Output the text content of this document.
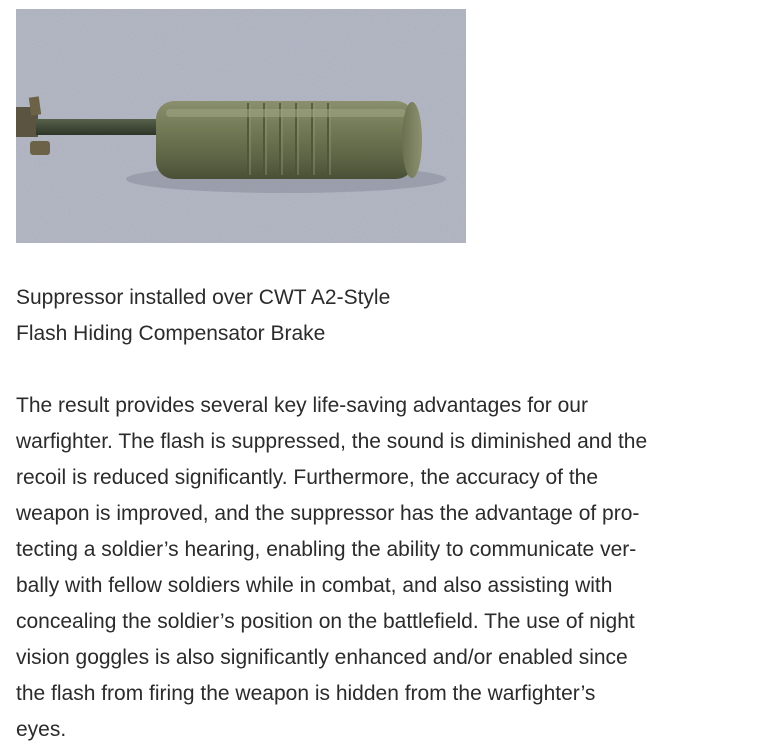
Suppressor installed over CWT A2-Style
Flash Hiding Compensator Brake

The result provides several key life-saving advantages for our
warfighter. The flash is suppressed, the sound is diminished and the
recoil is reduced significantly. Furthermore, the accuracy of the
weapon is improved, and the suppressor has the advantage of pro-
tecting a soldier’s hearing, enabling the ability to communicate ver-
bally with fellow soldiers while in combat, and also assisting with
concealing the soldier’s position on the battlefield. The use of night
vision goggles is also significantly enhanced and/or enabled since
the flash from firing the weapon is hidden from the warfighter’s
eyes.
